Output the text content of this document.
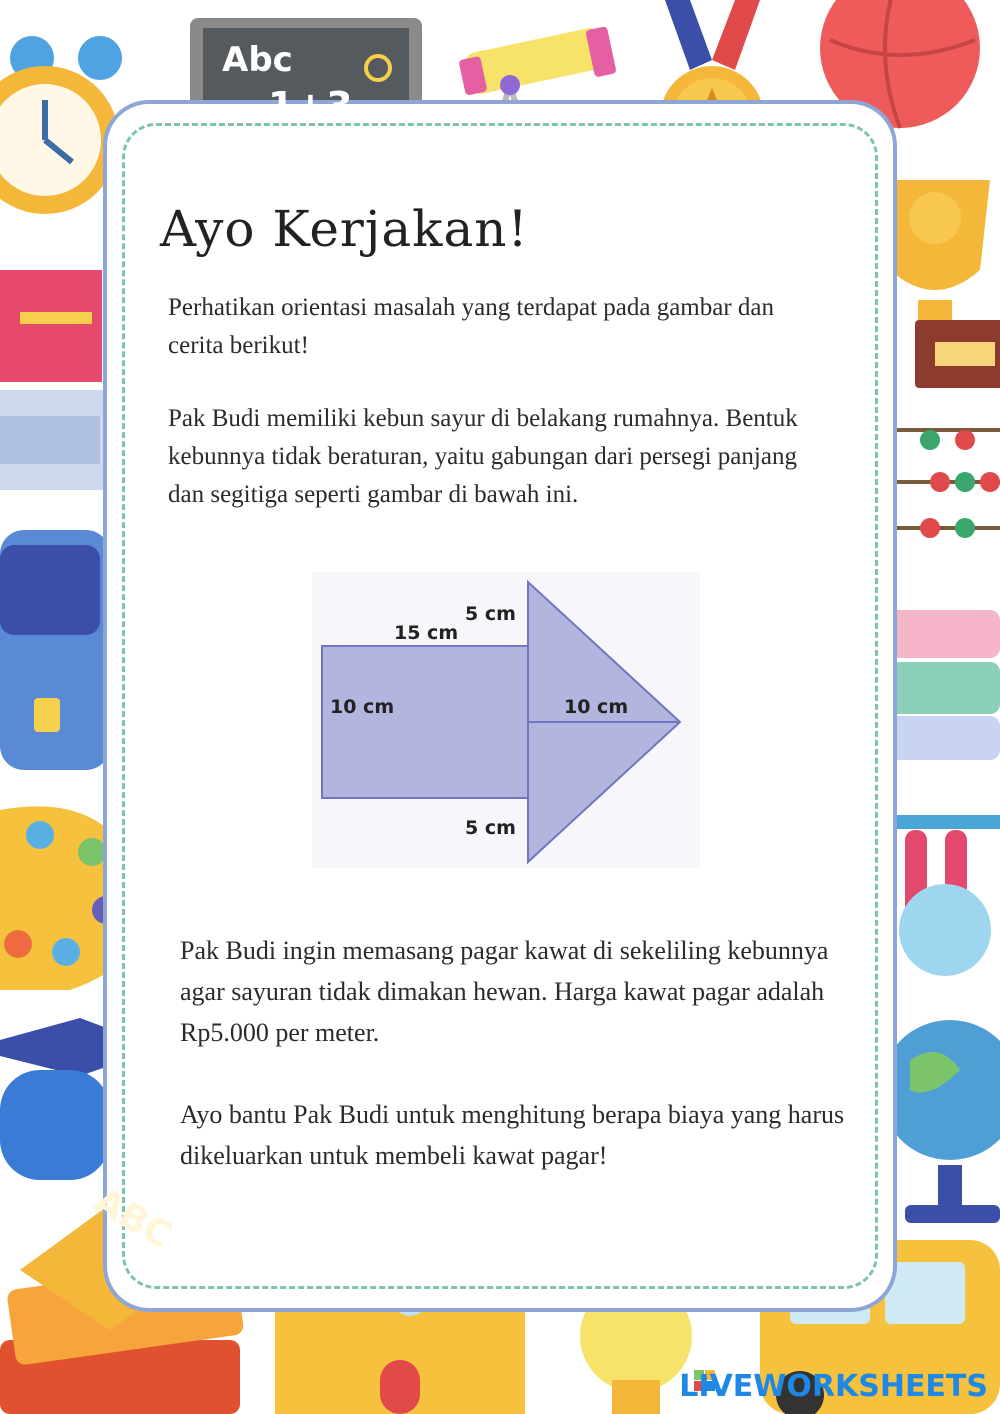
Abc
1+3
ABC
Ayo Kerjakan!
Perhatikan orientasi masalah yang terdapat pada gambar dan cerita berikut!
Pak Budi memiliki kebun sayur di belakang rumahnya. Bentuk kebunnya tidak beraturan, yaitu gabungan dari persegi panjang dan segitiga seperti gambar di bawah ini.
15 cm
5 cm
10 cm	10 cm
5 cm
Pak Budi ingin memasang pagar kawat di sekeliling kebunnya agar sayuran tidak dimakan hewan. Harga kawat pagar adalah Rp5.000 per meter.
Ayo bantu Pak Budi untuk menghitung berapa biaya yang harus dikeluarkan untuk membeli kawat pagar!
LIVEWORKSHEETS
